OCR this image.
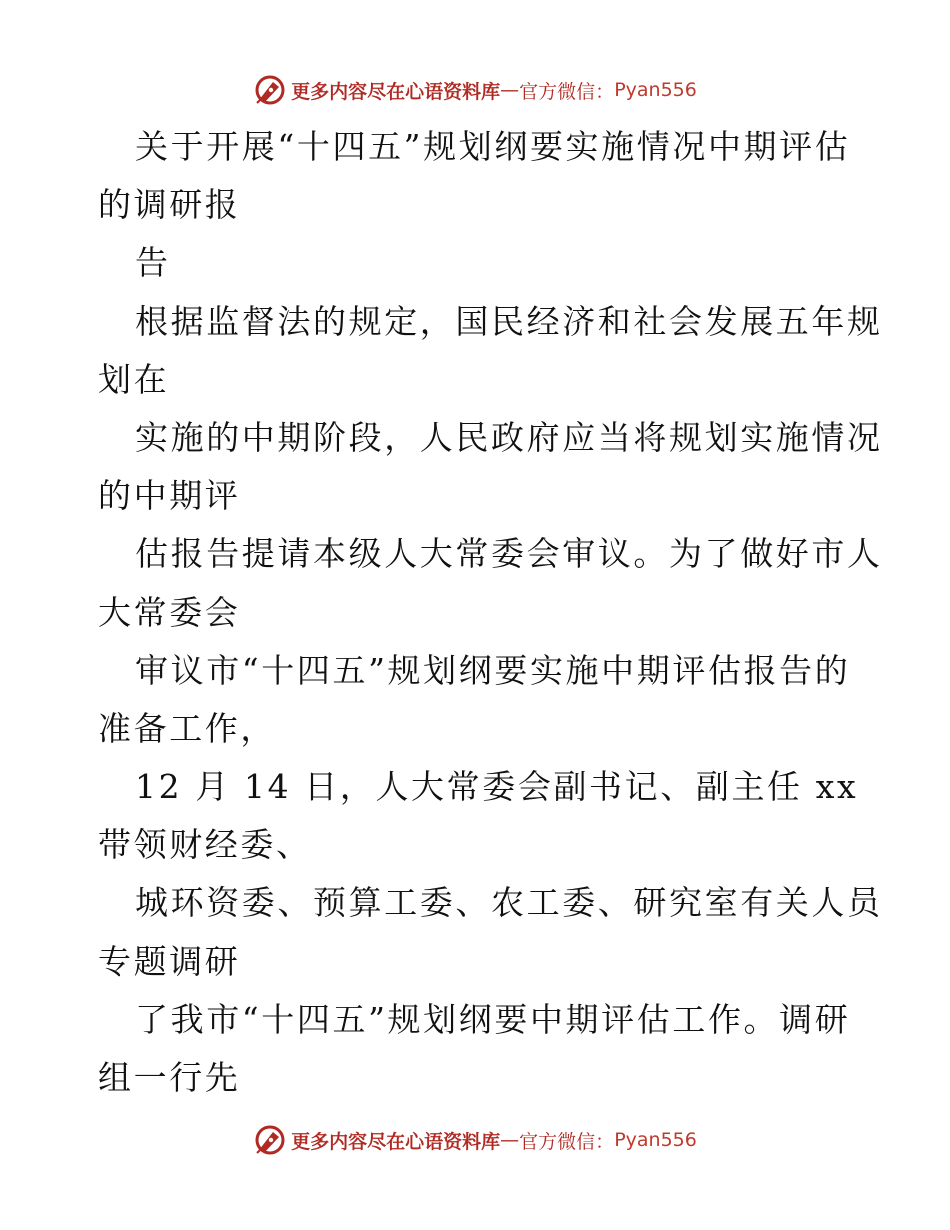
更多内容尽在心语资料库 — 官方微信： Pyan556
关于开展“十四五”规划纲要实施情况中期评估
的调研报
告
根据监督法的规定，国民经济和社会发展五年规
划在
实施的中期阶段，人民政府应当将规划实施情况
的中期评
估报告提请本级人大常委会审议。为了做好市人
大常委会
审议市“十四五”规划纲要实施中期评估报告的
准备工作，
12 月 14 日，人大常委会副书记、副主任 xx
带领财经委、
城环资委、预算工委、农工委、研究室有关人员
专题调研
了我市“十四五”规划纲要中期评估工作。调研
组一行先
更多内容尽在心语资料库 — 官方微信： Pyan556
